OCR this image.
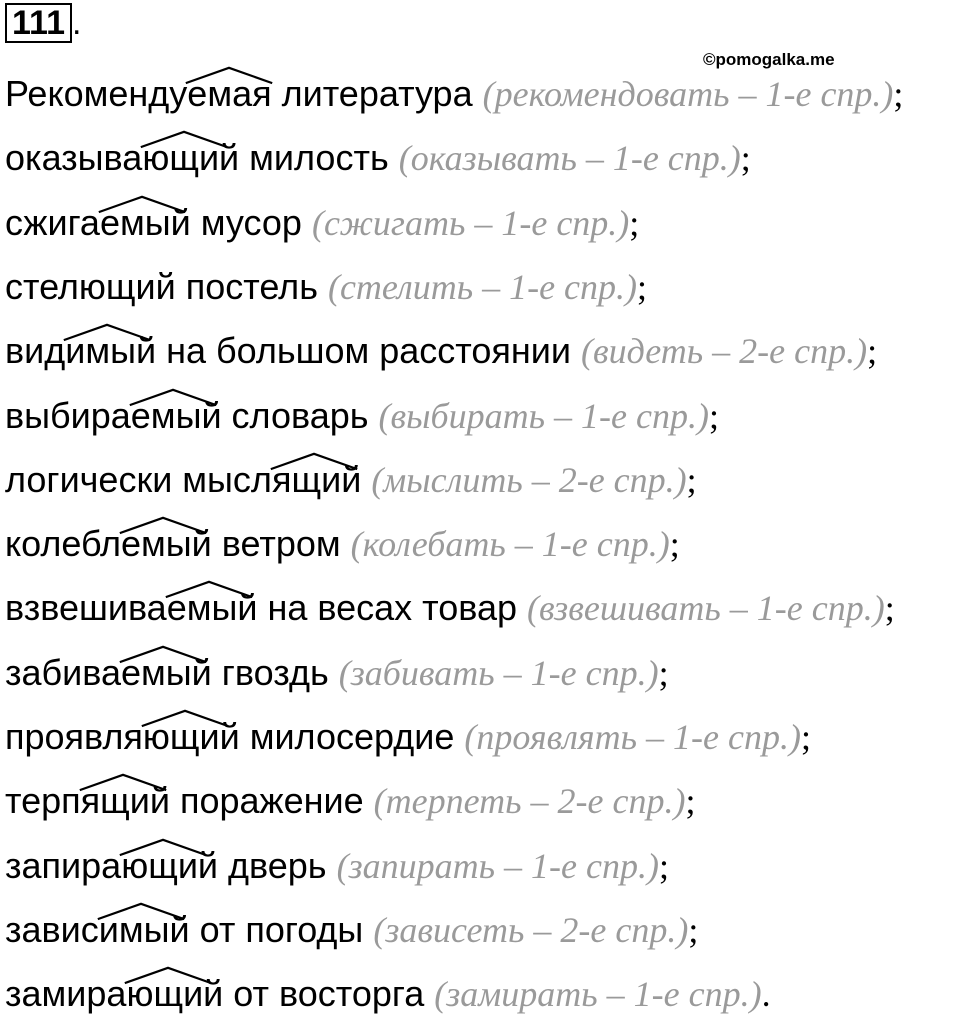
111 .
©pomogalka.me
Рекомендуем
ая литература (рекомендовать – 1-е спр.);
оказывающ
ий милость (оказывать – 1-е спр.);
сжигаем
ый мусор (сжигать – 1-е спр.);
стелющий постель (стелить – 1-е спр.);
видим
ый на большом расстоянии (видеть – 2-е спр.);
выбираем
ый словарь (выбирать – 1-е спр.);
логически мыслящ
ий (мыслить – 2-е спр.);
колеблем
ый ветром (колебать – 1-е спр.);
взвешиваем
ый на весах товар (взвешивать – 1-е спр.);
забиваем
ый гвоздь (забивать – 1-е спр.);
проявляющ
ий милосердие (проявлять – 1-е спр.);
терпящ
ий поражение (терпеть – 2-е спр.);
запирающ
ий дверь (запирать – 1-е спр.);
зависим
ый от погоды (зависеть – 2-е спр.);
замирающ
ий от восторга (замирать – 1-е спр.).
